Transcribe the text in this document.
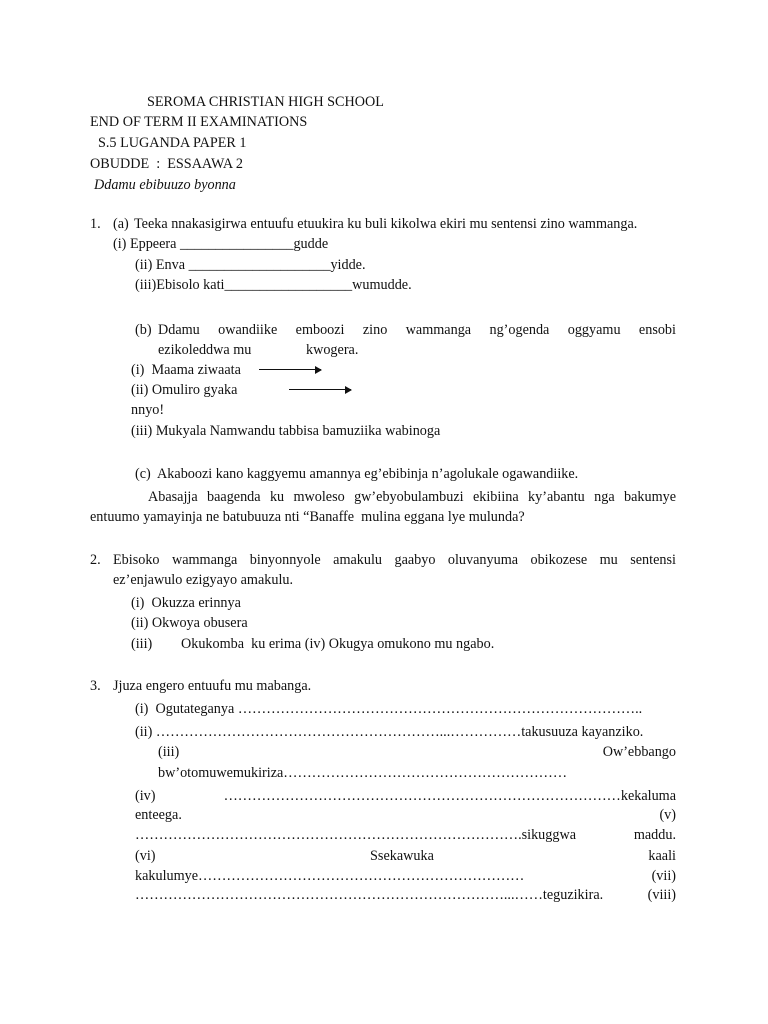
SEROMA CHRISTIAN HIGH SCHOOL
END OF TERM II EXAMINATIONS
S.5 LUGANDA PAPER 1
OBUDDE  :  ESSAAWA 2
Ddamu ebibuuzo byonna
1. (a) Teeka nnakasigirwa entuufu etuukira ku buli kikolwa ekiri mu sentensi zino wammanga.
(i) Eppeera ________________gudde
(ii) Enva ____________________yidde.
(iii)Ebisolo kati__________________wumudde.
(b) Ddamu owandiike emboozi zino wammanga ng’ogenda oggyamu ensobi
ezikoleddwa mu	kwogera.
(i)  Maama ziwaata
(ii) Omuliro gyaka
nnyo!
(iii) Mukyala Namwandu tabbisa bamuziika wabinoga
(c)  Akaboozi kano kaggyemu amannya eg’ebibinja n’agolukale ogawandiike.
Abasajja baagenda ku mwoleso gw’ebyobulambuzi ekibiina ky’abantu nga bakumye
entuumo yamayinja ne batubuuza nti “Banaffe  mulina eggana lye mulunda?
2. Ebisoko wammanga binyonnyole amakulu gaabyo oluvanyuma obikozese mu sentensi
ez’enjawulo ezigyayo amakulu.
(i)  Okuzza erinnya
(ii) Okwoya obusera
(iii) Okukomba  ku erima (iv) Okugya omukono mu ngabo.
3. Jjuza engero entuufu mu mabanga.
(i)  Ogutateganya …………………………………………………………………………..
(ii) ……………………………………………………...……………takusuuza kayanziko.
(iii)	Ow’ebbango
bw’otomuwemukiriza……………………………………………………
(iv)	…………………………………………………………………………kekaluma
enteega.	(v)
……………………………………………………………………….sikuggwa	maddu.
(vi)	Ssekawuka	kaali
kakulumye……………………………………………………………	(vii)
……………………………………………………………………...……teguzikira.	(viii)
